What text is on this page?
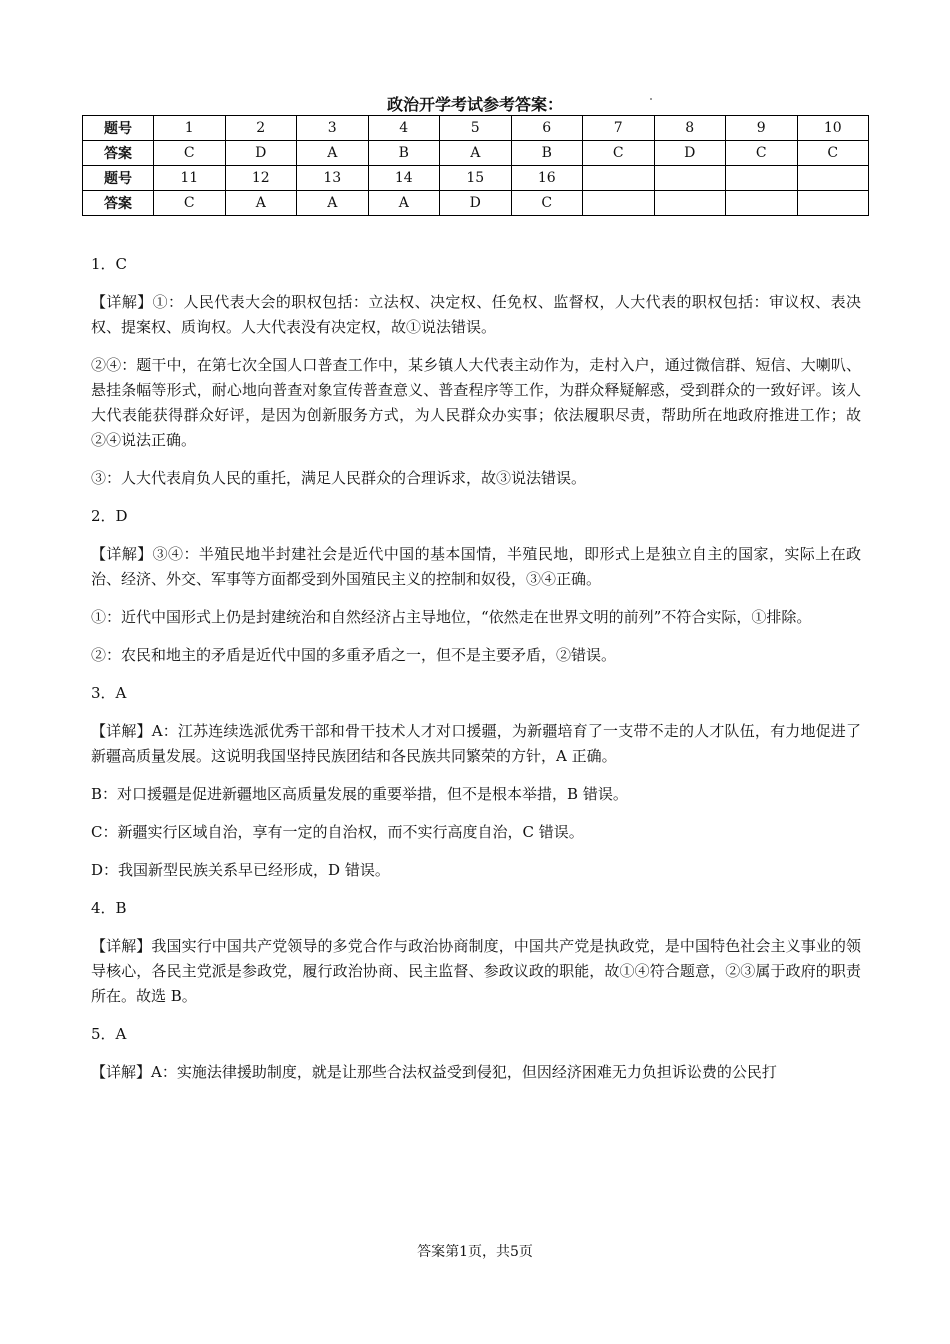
政治开学考试参考答案：
题号	1	2	3	4	5	6	7	8	9	10
答案	C	D	A	B	A	B	C	D	C	C
题号	11	12	13	14	15	16				
答案	C	A	A	A	D	C				

1．C

【详解】①：人民代表大会的职权包括：立法权、决定权、任免权、监督权，人大代表的职权包括：审议权、表决权、提案权、质询权。人大代表没有决定权，故①说法错误。

②④：题干中，在第七次全国人口普查工作中，某乡镇人大代表主动作为，走村入户，通过微信群、短信、大喇叭、悬挂条幅等形式，耐心地向普查对象宣传普查意义、普查程序等工作，为群众释疑解惑，受到群众的一致好评。该人大代表能获得群众好评，是因为创新服务方式，为人民群众办实事；依法履职尽责，帮助所在地政府推进工作；故②④说法正确。

③：人大代表肩负人民的重托，满足人民群众的合理诉求，故③说法错误。

2．D

【详解】③④：半殖民地半封建社会是近代中国的基本国情，半殖民地，即形式上是独立自主的国家，实际上在政治、经济、外交、军事等方面都受到外国殖民主义的控制和奴役，③④正确。

①：近代中国形式上仍是封建统治和自然经济占主导地位，“依然走在世界文明的前列”不符合实际，①排除。

②：农民和地主的矛盾是近代中国的多重矛盾之一，但不是主要矛盾，②错误。

3．A

【详解】A：江苏连续选派优秀干部和骨干技术人才对口援疆，为新疆培育了一支带不走的人才队伍，有力地促进了新疆高质量发展。这说明我国坚持民族团结和各民族共同繁荣的方针，A 正确。

B：对口援疆是促进新疆地区高质量发展的重要举措，但不是根本举措，B 错误。

C：新疆实行区域自治，享有一定的自治权，而不实行高度自治，C 错误。

D：我国新型民族关系早已经形成，D 错误。

4．B

【详解】我国实行中国共产党领导的多党合作与政治协商制度，中国共产党是执政党，是中国特色社会主义事业的领导核心，各民主党派是参政党，履行政治协商、民主监督、参政议政的职能，故①④符合题意，②③属于政府的职责所在。故选 B。

5．A

【详解】A：实施法律援助制度，就是让那些合法权益受到侵犯，但因经济困难无力负担诉讼费的公民打

答案第1页，共5页
